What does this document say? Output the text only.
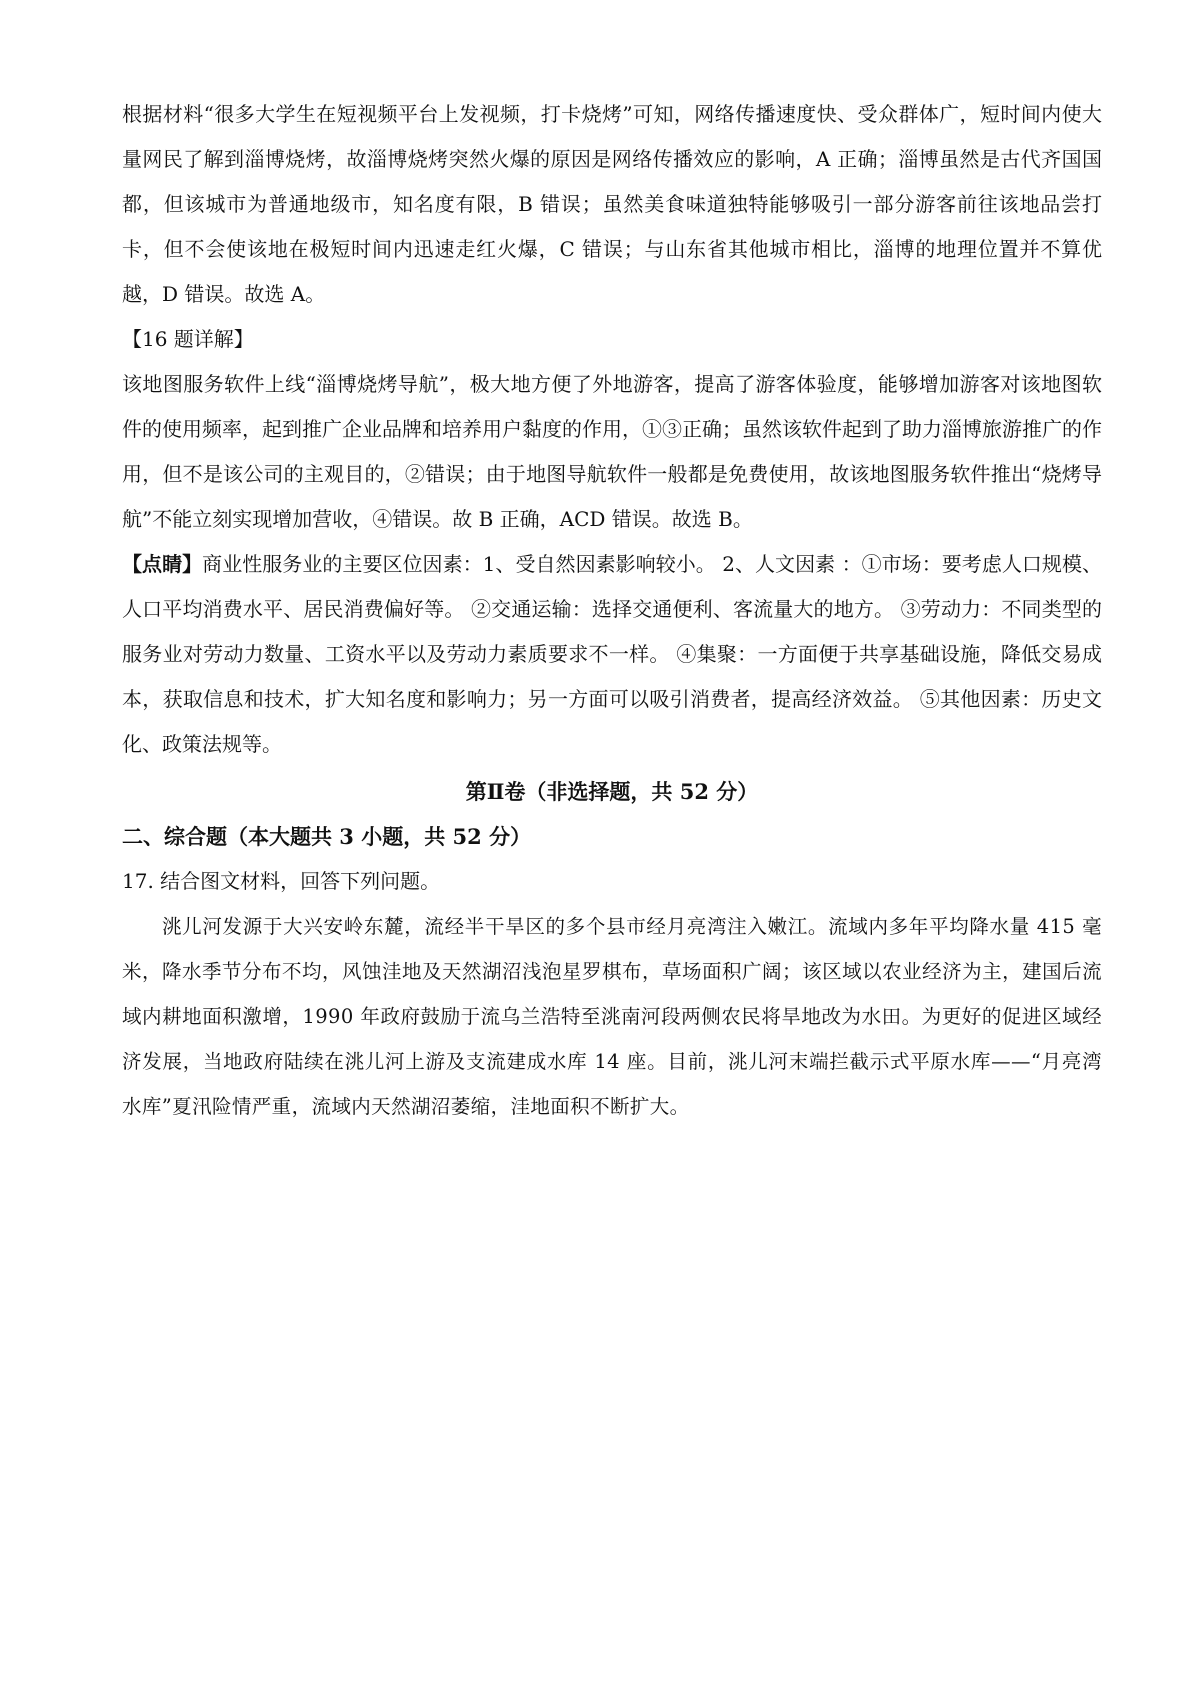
根据材料“很多大学生在短视频平台上发视频，打卡烧烤”可知，网络传播速度快、受众群体广，短时间内使大量网民了解到淄博烧烤，故淄博烧烤突然火爆的原因是网络传播效应的影响，A 正确；淄博虽然是古代齐国国都，但该城市为普通地级市，知名度有限，B 错误；虽然美食味道独特能够吸引一部分游客前往该地品尝打卡，但不会使该地在极短时间内迅速走红火爆，C 错误；与山东省其他城市相比，淄博的地理位置并不算优越，D 错误。故选 A。

【16 题详解】

该地图服务软件上线“淄博烧烤导航”，极大地方便了外地游客，提高了游客体验度，能够增加游客对该地图软件的使用频率，起到推广企业品牌和培养用户黏度的作用，①③正确；虽然该软件起到了助力淄博旅游推广的作用，但不是该公司的主观目的，②错误；由于地图导航软件一般都是免费使用，故该地图服务软件推出“烧烤导航”不能立刻实现增加营收，④错误。故 B 正确，ACD 错误。故选 B。

【点睛】商业性服务业的主要区位因素：1、受自然因素影响较小。 2、人文因素 ：①市场：要考虑人口规模、人口平均消费水平、居民消费偏好等。 ②交通运输：选择交通便利、客流量大的地方。 ③劳动力：不同类型的服务业对劳动力数量、工资水平以及劳动力素质要求不一样。 ④集聚：一方面便于共享基础设施，降低交易成本，获取信息和技术，扩大知名度和影响力；另一方面可以吸引消费者，提高经济效益。 ⑤其他因素：历史文化、政策法规等。

第Ⅱ卷（非选择题，共 52 分）
二、综合题（本大题共 3 小题，共 52 分）
17. 结合图文材料，回答下列问题。

洮儿河发源于大兴安岭东麓，流经半干旱区的多个县市经月亮湾注入嫩江。流域内多年平均降水量 415 毫米，降水季节分布不均，风蚀洼地及天然湖沼浅泡星罗棋布，草场面积广阔；该区域以农业经济为主，建国后流域内耕地面积激增，1990 年政府鼓励于流乌兰浩特至洮南河段两侧农民将旱地改为水田。为更好的促进区域经济发展，当地政府陆续在洮儿河上游及支流建成水库 14 座。目前，洮儿河末端拦截示式平原水库——“月亮湾水库”夏汛险情严重，流域内天然湖沼萎缩，洼地面积不断扩大。
